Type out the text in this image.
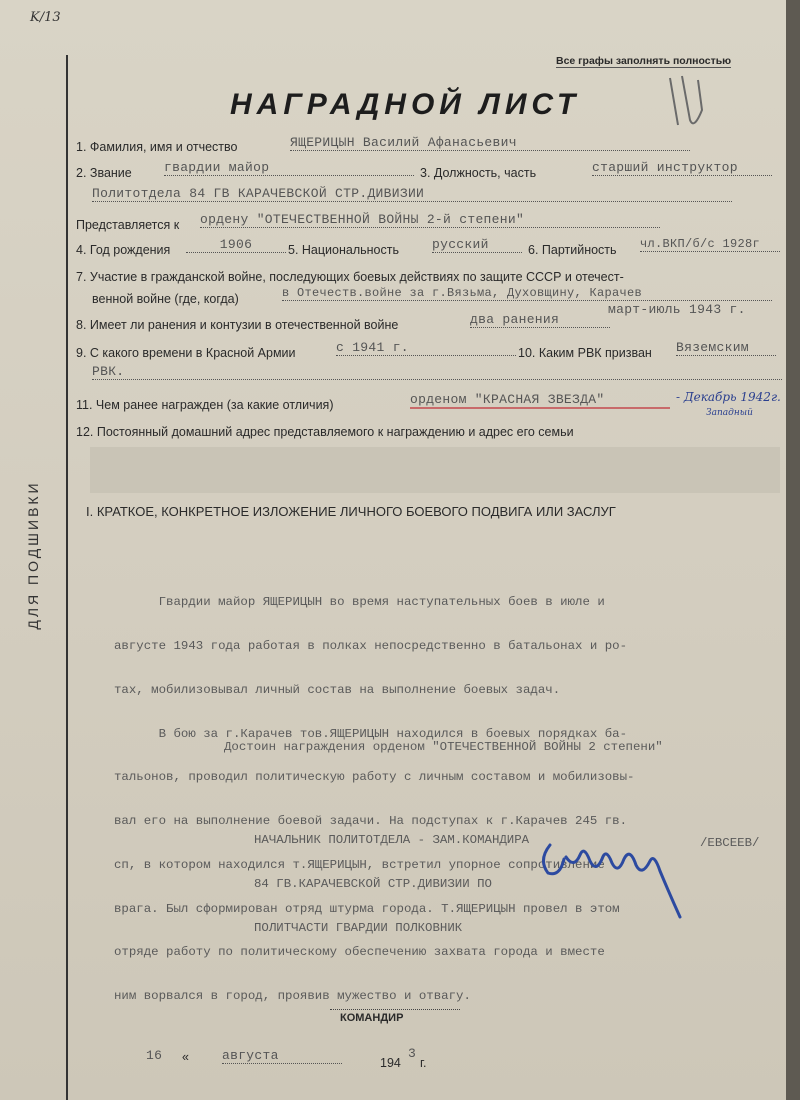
K/13
Все графы заполнять полностью
НАГРАДНОЙ ЛИСТ
1. Фамилия, имя и отчество	ЯЩЕРИЦЫН Василий Афанасьевич
2. Звание гвардии майор	3. Должность, часть	старший инструктор
Политотдела 84 ГВ КАРАЧЕВСКОЙ СТР.ДИВИЗИИ
Представляется к ордену "ОТЕЧЕСТВЕННОЙ ВОЙНЫ 2-й степени"
4. Год рождения	1906	5. Национальность	русский	6. Партийность чл.ВКП/б/с 1928г
7. Участие в гражданской войне, последующих боевых действиях по защите СССР и отечест-
венной войне (где, когда)	в Отечеств.войне за г.Вязьма, Духовщину, Карачев
март-июль 1943 г.
8. Имеет ли ранения и контузии в отечественной войне	два ранения
9. С какого времени в Красной Армии	с 1941 г.	10. Каким РВК призван Вяземским
РВК.
11. Чем ранее награжден (за какие отличия)	орденом "КРАСНАЯ ЗВЕЗДА"	- Декабрь 1942г.
Западный
12. Постоянный домашний адрес представляемого к награждению и адрес его семьи
I. КРАТКОЕ, КОНКРЕТНОЕ ИЗЛОЖЕНИЕ ЛИЧНОГО БОЕВОГО ПОДВИГА ИЛИ ЗАСЛУГ

Гвардии майор ЯЩЕРИЦЫН во время наступательных боев в июле и

августе 1943 года работая в полках непосредственно в батальонах и ро-

тах, мобилизовывал личный состав на выполнение боевых задач.

В бою за г.Карачев тов.ЯЩЕРИЦЫН находился в боевых порядках ба-

тальонов, проводил политическую работу с личным составом и мобилизовы-

вал его на выполнение боевой задачи. На подступах к г.Карачев 245 гв.

сп, в котором находился т.ЯЩЕРИЦЫН, встретил упорное сопротивление

врага. Был сформирован отряд штурма города. Т.ЯЩЕРИЦЫН провел в этом

отряде работу по политическому обеспечению захвата города и вместе

ним ворвался в город, проявив мужество и отвагу.

Достоин награждения орденом "ОТЕЧЕСТВЕННОЙ ВОЙНЫ 2 степени"

НАЧАЛЬНИК ПОЛИТОТДЕЛА - ЗАМ.КОМАНДИРА

84 ГВ.КАРАЧЕВСКОЙ СТР.ДИВИЗИИ ПО

ПОЛИТЧАСТИ ГВАРДИИ ПОЛКОВНИК

/ЕВСЕЕВ/
КОМАНДИР
16 «	августа	194
3
г.
ДЛЯ ПОДШИВКИ
